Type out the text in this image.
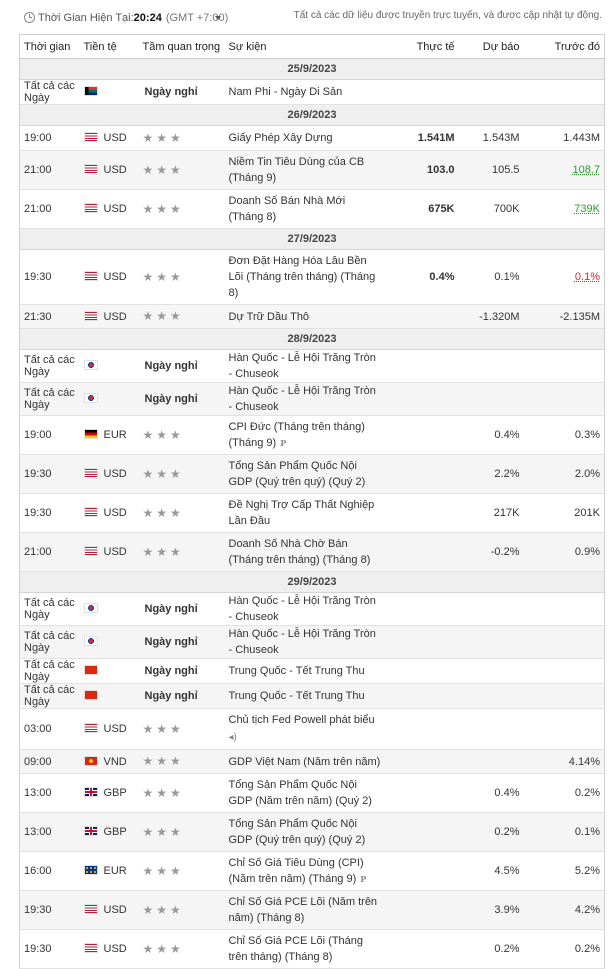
Thời Gian Hiện Tại:20:24 (GMT +7:00)	Tất cả các dữ liệu được truyền trực tuyến, và được cập nhật tự động.
Thời gian	Tiền tệ	Tầm quan trọng	Sự kiện	Thực tế	Dự báo	Trước đó
25/9/2023						
Tất cả các Ngày		Ngày nghỉ	Nam Phi - Ngày Di Sản			
26/9/2023						
19:00	USD	★★★	Giấy Phép Xây Dựng	1.541M	1.543M	1.443M
21:00	USD	★★★	Niềm Tin Tiêu Dùng của CB (Tháng 9)	103.0	105.5	108.7
21:00	USD	★★★	Doanh Số Bán Nhà Mới (Tháng 8)	675K	700K	739K
27/9/2023						
19:30	USD	★★★	Đơn Đặt Hàng Hóa Lâu Bền Lõi (Tháng trên tháng) (Tháng 8)	0.4%	0.1%	0.1%
21:30	USD	★★★	Dự Trữ Dầu Thô		-1.320M	-2.135M
28/9/2023						
Tất cả các Ngày		Ngày nghỉ	Hàn Quốc - Lễ Hội Trăng Tròn - Chuseok			
Tất cả các Ngày		Ngày nghỉ	Hàn Quốc - Lễ Hội Trăng Tròn - Chuseok			
19:00	EUR	★★★	CPI Đức (Tháng trên tháng) (Tháng 9) P		0.4%	0.3%
19:30	USD	★★★	Tổng Sản Phẩm Quốc Nội GDP (Quý trên quý) (Quý 2)		2.2%	2.0%
19:30	USD	★★★	Đề Nghị Trợ Cấp Thất Nghiệp Lần Đầu		217K	201K
21:00	USD	★★★	Doanh Số Nhà Chờ Bán (Tháng trên tháng) (Tháng 8)		-0.2%	0.9%
29/9/2023						
Tất cả các Ngày		Ngày nghỉ	Hàn Quốc - Lễ Hội Trăng Tròn - Chuseok			
Tất cả các Ngày		Ngày nghỉ	Hàn Quốc - Lễ Hội Trăng Tròn - Chuseok			
Tất cả các Ngày		Ngày nghỉ	Trung Quốc - Tết Trung Thu			
Tất cả các Ngày		Ngày nghỉ	Trung Quốc - Tết Trung Thu			
03:00	USD	★★★	Chủ tịch Fed Powell phát biểu
◂)			
09:00	VND	★★★	GDP Việt Nam (Năm trên năm)			4.14%
13:00	GBP	★★★	Tổng Sản Phẩm Quốc Nội GDP (Năm trên năm) (Quý 2)		0.4%	0.2%
13:00	GBP	★★★	Tổng Sản Phẩm Quốc Nội GDP (Quý trên quý) (Quý 2)		0.2%	0.1%
16:00	EUR	★★★	Chỉ Số Giá Tiêu Dùng (CPI) (Năm trên năm) (Tháng 9) P		4.5%	5.2%
19:30	USD	★★★	Chỉ Số Giá PCE Lõi (Năm trên năm) (Tháng 8)		3.9%	4.2%
19:30	USD	★★★	Chỉ Số Giá PCE Lõi (Tháng trên tháng) (Tháng 8)		0.2%	0.2%
